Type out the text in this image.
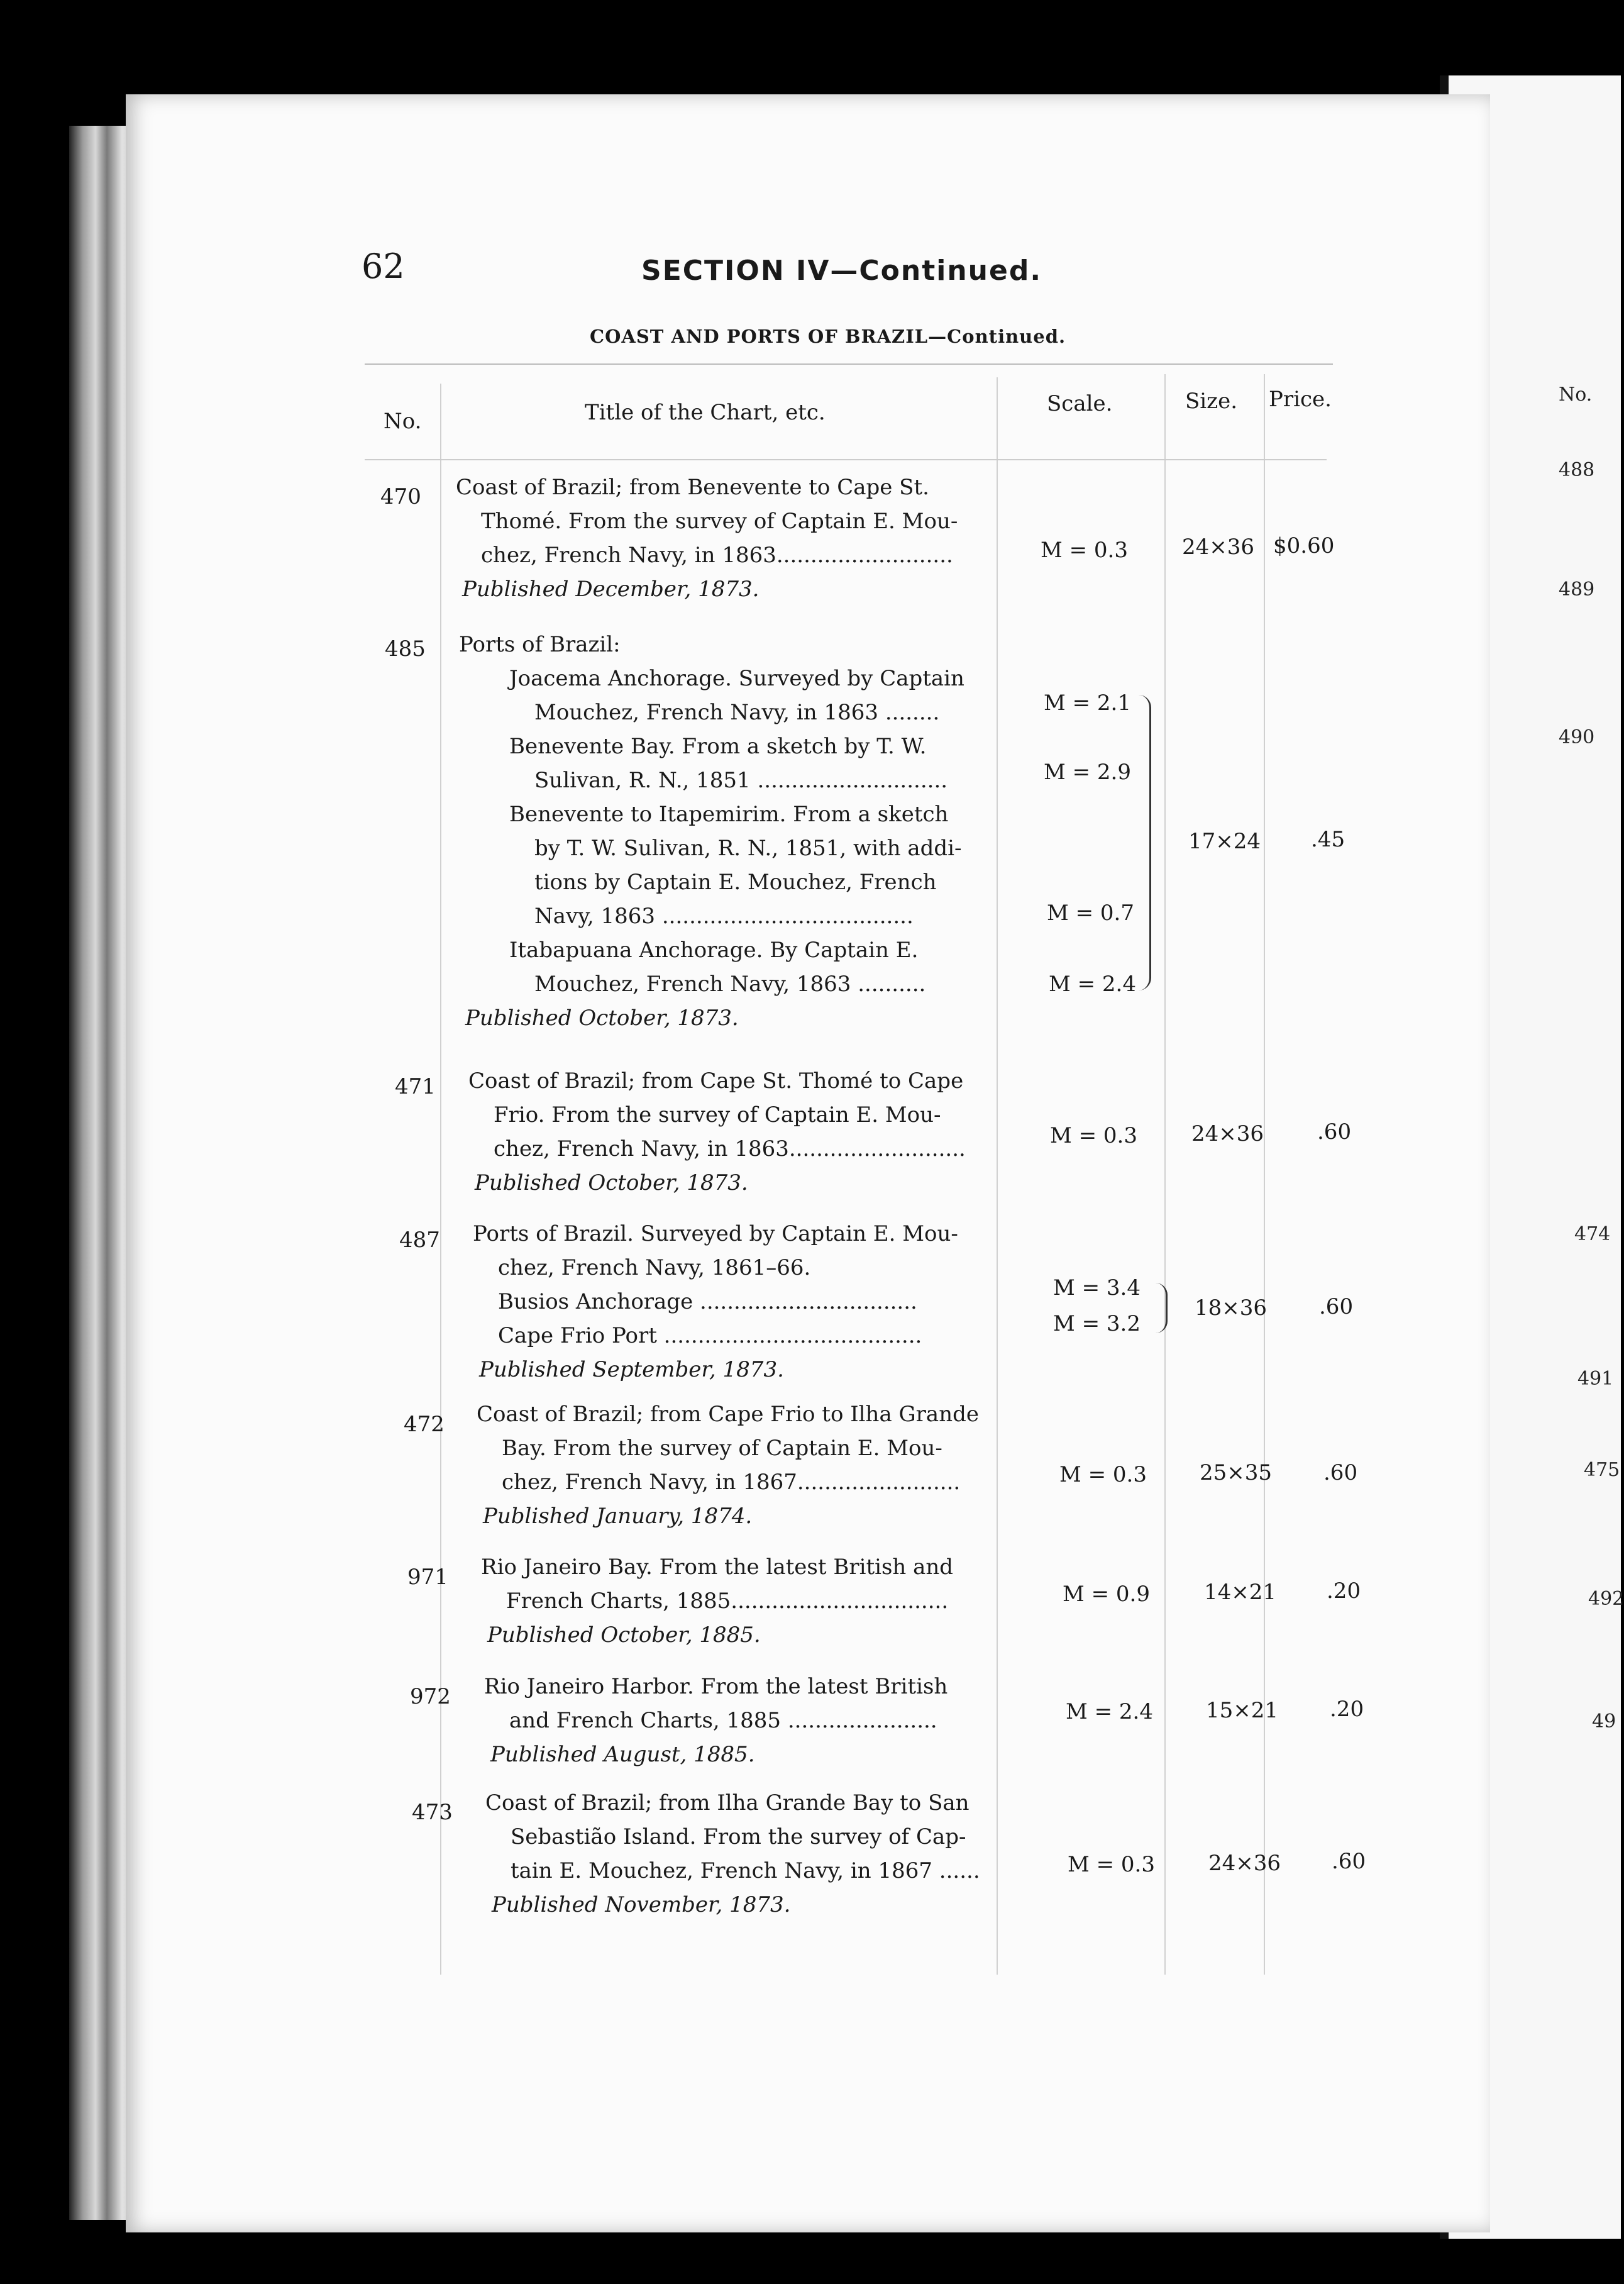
No.
488
489
490
474
491
475
492
49
62	SECTION IV—Continued.
COAST AND PORTS OF BRAZIL—Continued.
No.	Title of the Chart, etc.	Scale.	Size. Price.
470 Coast of Brazil; from Benevente to Cape St.
Thomé. From the survey of Captain E. Mou-
chez, French Navy, in 1863..........................
Published December, 1873.
M = 0.3	24×36 $0.60
485 Ports of Brazil:
Joacema Anchorage. Surveyed by Captain
Mouchez, French Navy, in 1863 ........
Benevente Bay. From a sketch by T. W.
Sulivan, R. N., 1851 ............................
Benevente to Itapemirim. From a sketch
by T. W. Sulivan, R. N., 1851, with addi-
tions by Captain E. Mouchez, French
Navy, 1863 .....................................
Itabapuana Anchorage. By Captain E.
Mouchez, French Navy, 1863 ..........
Published October, 1873.
M = 2.1
M = 2.9
M = 0.7
M = 2.4
17×24 .45
471 Coast of Brazil; from Cape St. Thomé to Cape
Frio. From the survey of Captain E. Mou-
chez, French Navy, in 1863..........................
Published October, 1873.
M = 0.3	24×36 .60
487 Ports of Brazil. Surveyed by Captain E. Mou-
chez, French Navy, 1861–66.
Busios Anchorage ................................
Cape Frio Port ......................................
Published September, 1873.
M = 3.4
M = 3.2
18×36 .60
472 Coast of Brazil; from Cape Frio to Ilha Grande
Bay. From the survey of Captain E. Mou-
chez, French Navy, in 1867........................
Published January, 1874.
M = 0.3 25×35 .60
971 Rio Janeiro Bay. From the latest British and
French Charts, 1885................................
Published October, 1885.
M = 0.9	14×21 .20
972 Rio Janeiro Harbor. From the latest British
and French Charts, 1885 ......................
Published August, 1885.
M = 2.4 15×21 .20
473 Coast of Brazil; from Ilha Grande Bay to San
Sebastião Island. From the survey of Cap-
tain E. Mouchez, French Navy, in 1867 ......
Published November, 1873.
M = 0.3	24×36 .60
